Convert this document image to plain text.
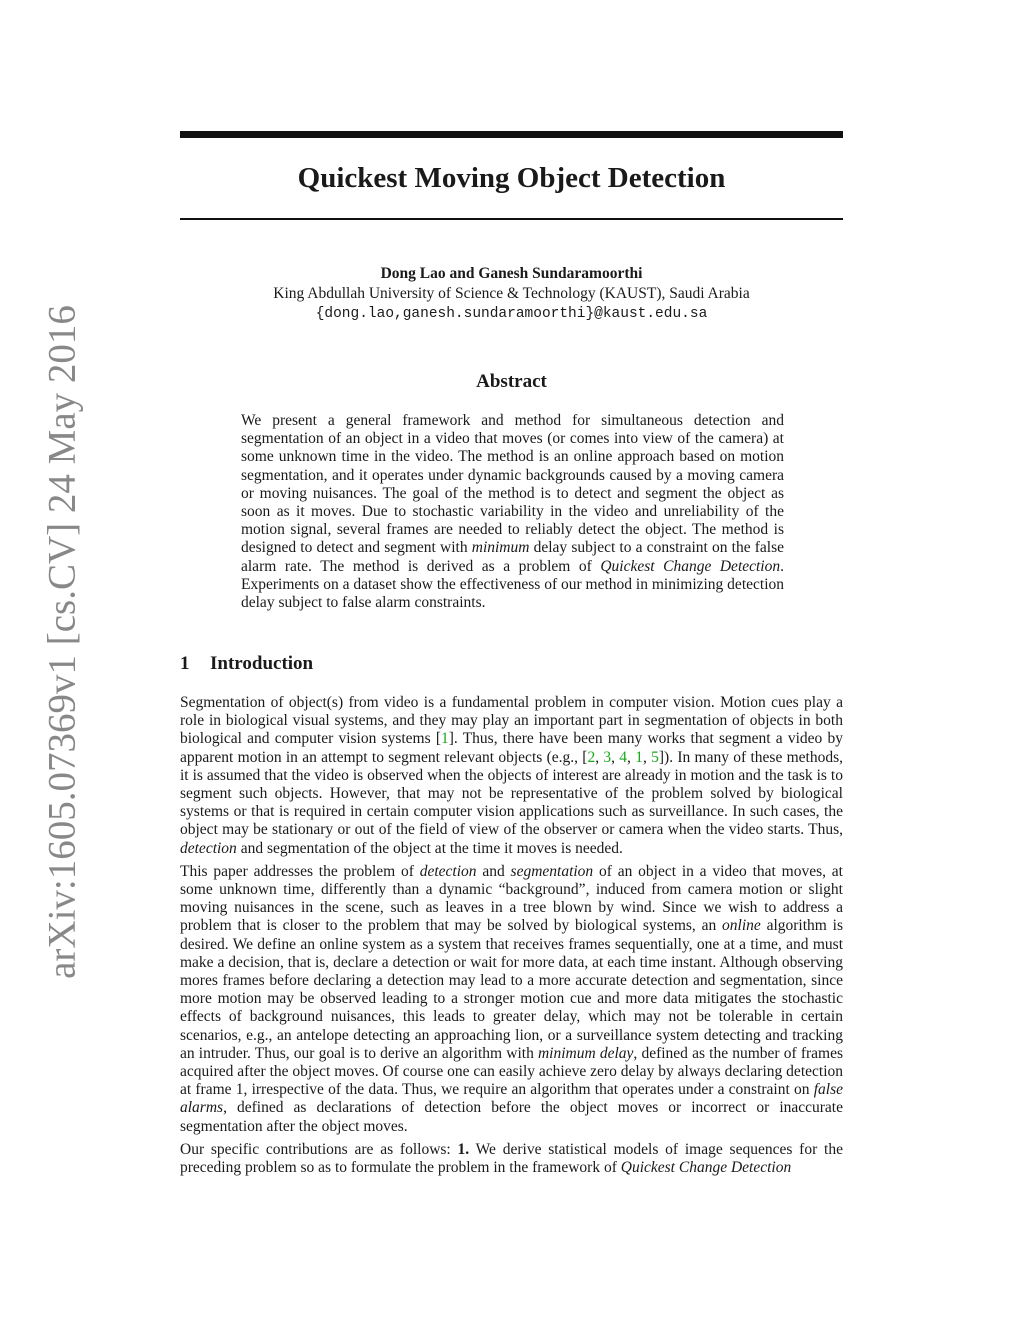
arXiv:1605.07369v1 [cs.CV] 24 May 2016
Quickest Moving Object Detection
Dong Lao and Ganesh Sundaramoorthi
King Abdullah University of Science & Technology (KAUST), Saudi Arabia
{dong.lao,ganesh.sundaramoorthi}@kaust.edu.sa
Abstract
We present a general framework and method for simultaneous detection and segmentation of an object in a video that moves (or comes into view of the camera) at some unknown time in the video. The method is an online approach based on motion segmentation, and it operates under dynamic backgrounds caused by a moving camera or moving nuisances. The goal of the method is to detect and segment the object as soon as it moves. Due to stochastic variability in the video and unreliability of the motion signal, several frames are needed to reliably detect the object. The method is designed to detect and segment with minimum delay subject to a constraint on the false alarm rate. The method is derived as a problem of Quickest Change Detection. Experiments on a dataset show the effectiveness of our method in minimizing detection delay subject to false alarm constraints.
1 Introduction

Segmentation of object(s) from video is a fundamental problem in computer vision. Motion cues play a role in biological visual systems, and they may play an important part in segmentation of objects in both biological and computer vision systems [1]. Thus, there have been many works that segment a video by apparent motion in an attempt to segment relevant objects (e.g., [2, 3, 4, 1, 5]). In many of these methods, it is assumed that the video is observed when the objects of interest are already in motion and the task is to segment such objects. However, that may not be representative of the problem solved by biological systems or that is required in certain computer vision applications such as surveillance. In such cases, the object may be stationary or out of the field of view of the observer or camera when the video starts. Thus, detection and segmentation of the object at the time it moves is needed.

This paper addresses the problem of detection and segmentation of an object in a video that moves, at some unknown time, differently than a dynamic “background”, induced from camera motion or slight moving nuisances in the scene, such as leaves in a tree blown by wind. Since we wish to address a problem that is closer to the problem that may be solved by biological systems, an online algorithm is desired. We define an online system as a system that receives frames sequentially, one at a time, and must make a decision, that is, declare a detection or wait for more data, at each time instant. Although observing mores frames before declaring a detection may lead to a more accurate detection and segmentation, since more motion may be observed leading to a stronger motion cue and more data mitigates the stochastic effects of background nuisances, this leads to greater delay, which may not be tolerable in certain scenarios, e.g., an antelope detecting an approaching lion, or a surveillance system detecting and tracking an intruder. Thus, our goal is to derive an algorithm with minimum delay, defined as the number of frames acquired after the object moves. Of course one can easily achieve zero delay by always declaring detection at frame 1, irrespective of the data. Thus, we require an algorithm that operates under a constraint on false alarms, defined as declarations of detection before the object moves or incorrect or inaccurate segmentation after the object moves.

Our specific contributions are as follows: 1. We derive statistical models of image sequences for the preceding problem so as to formulate the problem in the framework of Quickest Change Detection
